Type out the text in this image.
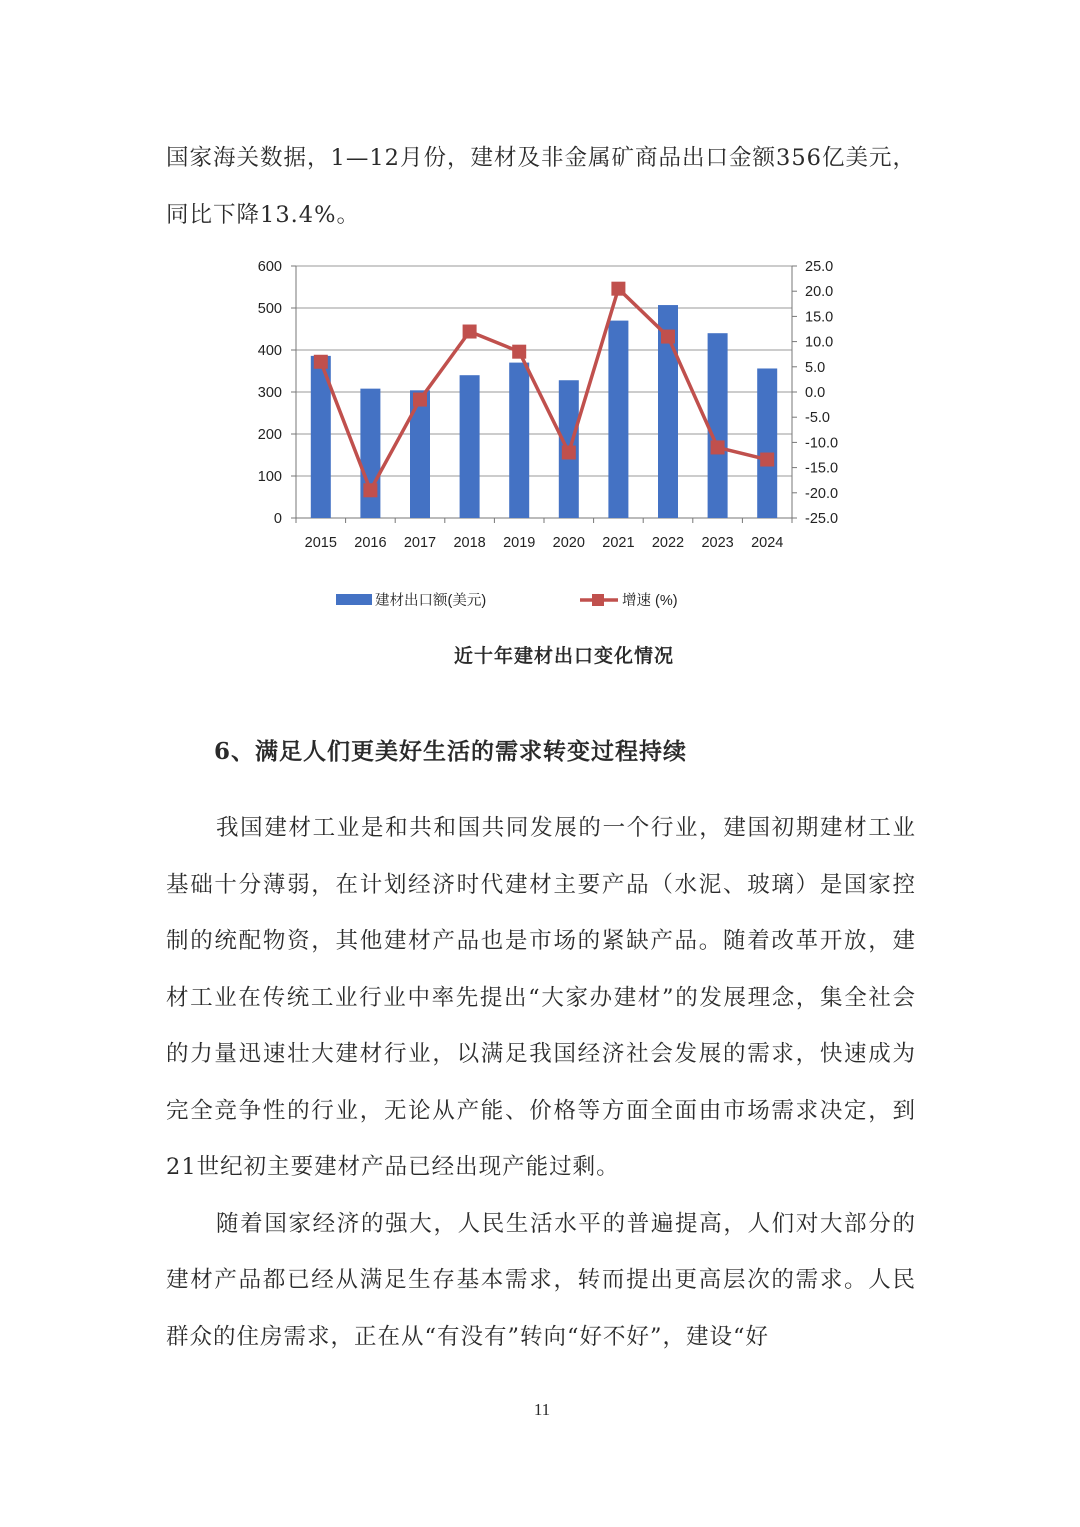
国家海关数据，1—12月份，建材及非金属矿商品出口金额356亿美元，同比下降13.4%。

0
100
200
300
400
500
600	25.0
20.0
15.0
10.0
5.0
0.0
-5.0
-10.0
-15.0
-20.0
-25.0
2015 2016 2017 2018 2019 2020 2021 2022 2023 2024
建材出口额(美元)	增速 (%)
近十年建材出口变化情况
6、满足人们更美好生活的需求转变过程持续

我国建材工业是和共和国共同发展的一个行业，建国初期建材工业基础十分薄弱，在计划经济时代建材主要产品（水泥、玻璃）是国家控制的统配物资，其他建材产品也是市场的紧缺产品。随着改革开放，建材工业在传统工业行业中率先提出“大家办建材”的发展理念，集全社会的力量迅速壮大建材行业，以满足我国经济社会发展的需求，快速成为完全竞争性的行业，无论从产能、价格等方面全面由市场需求决定，到21世纪初主要建材产品已经出现产能过剩。

随着国家经济的强大，人民生活水平的普遍提高，人们对大部分的建材产品都已经从满足生存基本需求，转而提出更高层次的需求。人民群众的住房需求，正在从“有没有”转向“好不好”，建设“好

11
